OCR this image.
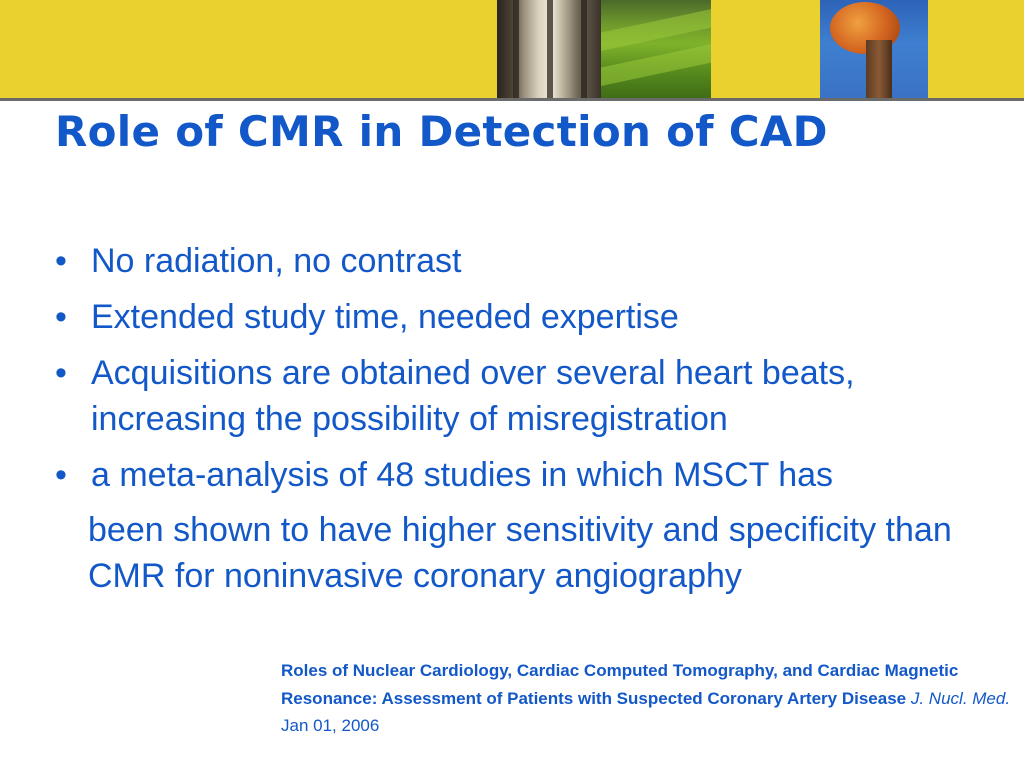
Role of CMR in Detection of CAD
• No radiation, no contrast
• Extended study time, needed expertise
• Acquisitions are obtained over several heart beats, increasing the possibility of misregistration
• a meta-analysis of 48 studies in which MSCT has
been shown to have higher sensitivity and specificity than CMR for noninvasive coronary angiography
Roles of Nuclear Cardiology, Cardiac Computed Tomography, and Cardiac Magnetic Resonance: Assessment of Patients with Suspected Coronary Artery Disease J. Nucl. Med. Jan 01, 2006
